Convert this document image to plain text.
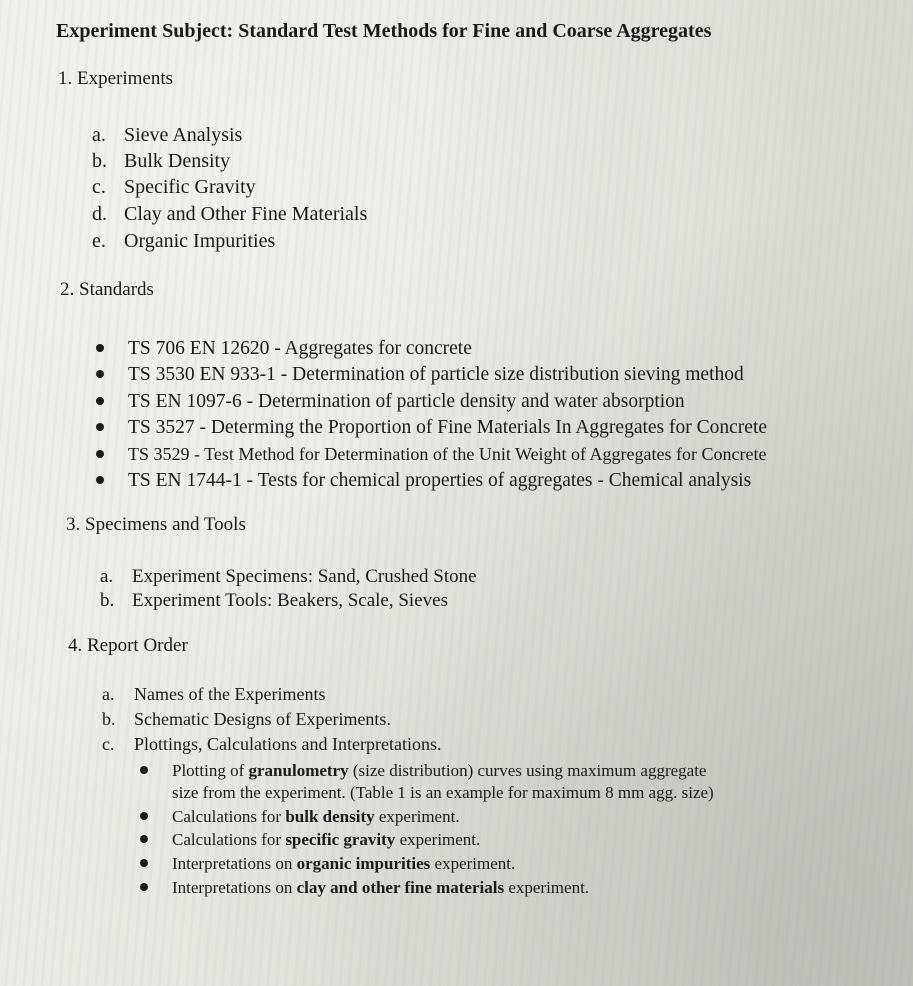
Experiment Subject: Standard Test Methods for Fine and Coarse Aggregates
1. Experiments
a. Sieve Analysis
b. Bulk Density
c. Specific Gravity
d. Clay and Other Fine Materials
e. Organic Impurities
2. Standards
TS 706 EN 12620 - Aggregates for concrete
TS 3530 EN 933-1 - Determination of particle size distribution sieving method
TS EN 1097-6 - Determination of particle density and water absorption
TS 3527 - Determing the Proportion of Fine Materials In Aggregates for Concrete
TS 3529 - Test Method for Determination of the Unit Weight of Aggregates for Concrete
TS EN 1744-1 - Tests for chemical properties of aggregates - Chemical analysis
3. Specimens and Tools
a. Experiment Specimens: Sand, Crushed Stone
b. Experiment Tools: Beakers, Scale, Sieves
4. Report Order
a. Names of the Experiments
b. Schematic Designs of Experiments.
c. Plottings, Calculations and Interpretations.
Plotting of granulometry (size distribution) curves using maximum aggregate
size from the experiment. (Table 1 is an example for maximum 8 mm agg. size)
Calculations for bulk density experiment.
Calculations for specific gravity experiment.
Interpretations on organic impurities experiment.
Interpretations on clay and other fine materials experiment.
